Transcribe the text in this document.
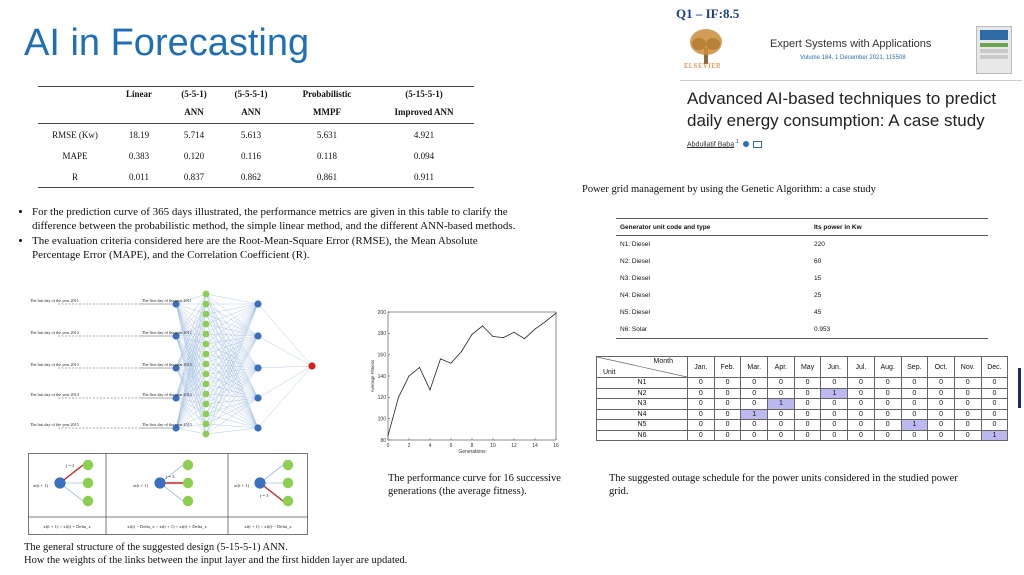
AI in Forecasting
Q1 – IF:8.5
	Linear	(5-5-1)	(5-5-5-1)	Probabilistic	(5-15-5-1)
		ANN	ANN	MMPF	Improved ANN
RMSE (Kw)	18.19	5.714	5.613	5.631	4.921
MAPE	0.383	0.120	0.116	0.118	0.094
R	0.011	0.837	0.862	0.861	0.911
• For the prediction curve of 365 days illustrated, the performance metrics are given in this table to clarify the difference between the probabilistic method, the simple linear method, and the different ANN-based methods.
• The evaluation criteria considered here are the Root-Mean-Square Error (RMSE), the Mean Absolute Percentage Error (MAPE), and the Correlation Coefficient (R).
The last day of the year 2011
The last day of the year 2012
The last day of the year 2013
The last day of the year 2014
The last day of the year 2015
The first day of the year 2011
The first day of the year 2012
The first day of the year 2013
The first day of the year 2014
The first day of the year 2015
xi(t + 1) > xi(t) + Delta_x	xi(t) − Delta_x < xi(t + 1) < xi(t) + Delta_x	xi(t + 1) < xi(t) − Delta_x
xi(t + 1)	xi(t + 1)	xi(t + 1)
j = 2
j = 3
j = 3
The general structure of the suggested design (5-15-5-1) ANN.
How the weights of the links between the input layer and the first hidden layer are updated.
0	2	4	6	8	10	12	14	16
80
100
120
140
160
180
200
Generations
Average Fitness
The performance curve for 16 successive
generations (the average fitness).
ELSEVIER
Expert Systems with Applications
Volume 184, 1 December 2021, 115508
Advanced AI-based techniques to predict
daily energy consumption: A case study
Abdullatif Baba $^1$
Power grid management by using the Genetic Algorithm: a case study
Generator unit code and type	Its power in Kw
N1: Diesel	220
N2: Diesel	60
N3: Diesel	15
N4: Diesel	25
N5: Diesel	45
N6: Solar	0.953
Month
Unit	Jan.	Feb.	Mar.	Apr.	May	Jun.	Jul.	Aug.	Sep.	Oct.	Nov.	Dec.
N1	0	0	0	0	0	0	0	0	0	0	0	0
N2	0	0	0	0	0	1	0	0	0	0	0	0
N3	0	0	0	1	0	0	0	0	0	0	0	0
N4	0	0	1	0	0	0	0	0	0	0	0	0
N5	0	0	0	0	0	0	0	0	1	0	0	0
N6	0	0	0	0	0	0	0	0	0	0	0	1
The suggested outage schedule for the power units considered in the studied power
grid.
